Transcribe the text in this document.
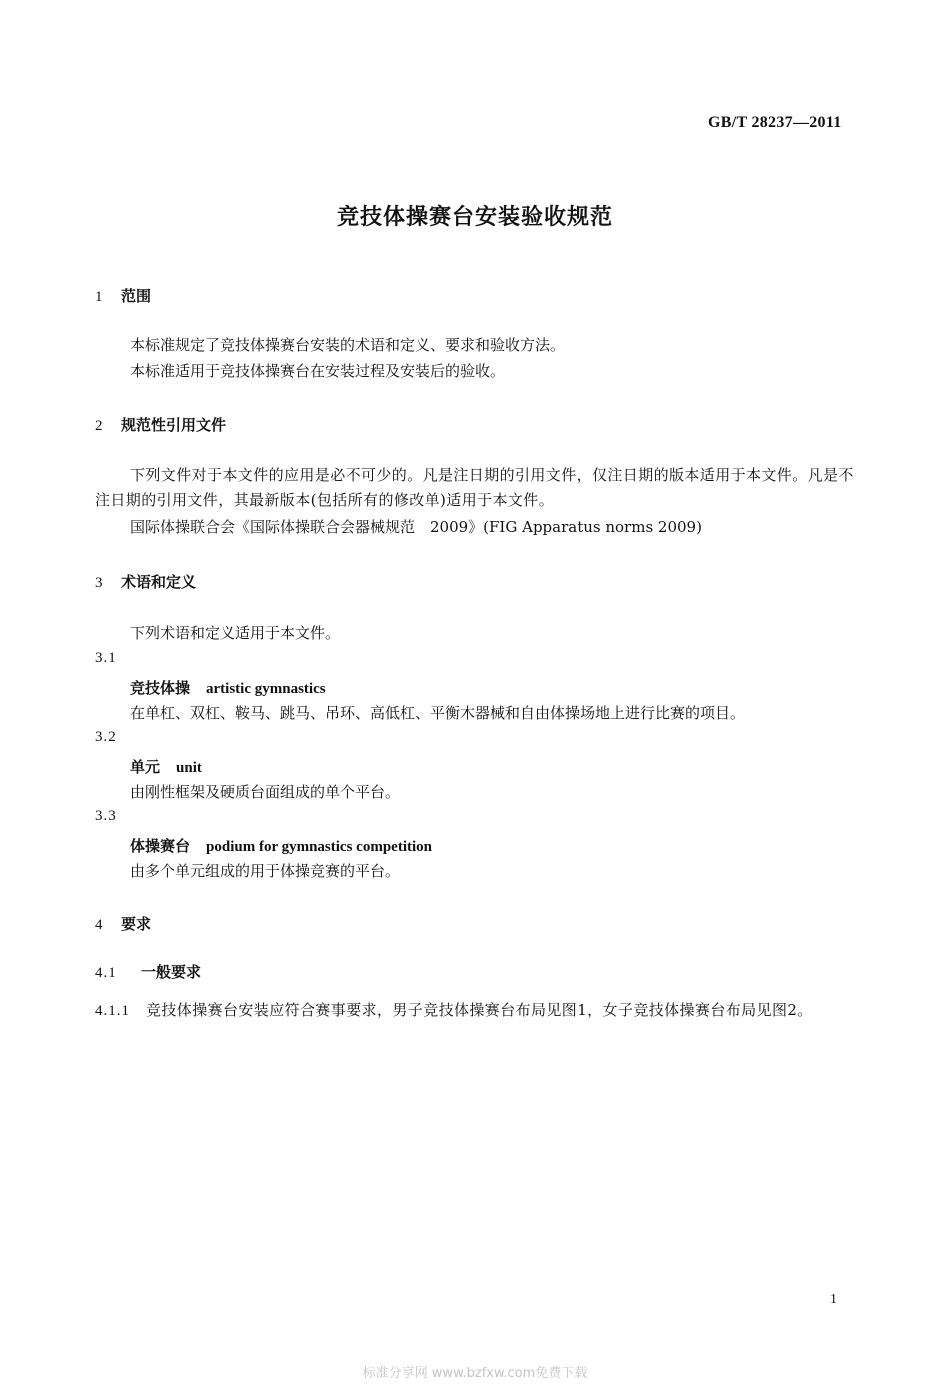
GB/T 28237—2011
竞技体操赛台安装验收规范
1 范围
本标准规定了竞技体操赛台安装的术语和定义、要求和验收方法。
本标准适用于竞技体操赛台在安装过程及安装后的验收。
2 规范性引用文件
下列文件对于本文件的应用是必不可少的。凡是注日期的引用文件，仅注日期的版本适用于本文件。凡是不注日期的引用文件，其最新版本(包括所有的修改单)适用于本文件。
国际体操联合会《国际体操联合会器械规范　2009》(FIG Apparatus norms 2009)
3 术语和定义
下列术语和定义适用于本文件。
3.1
竞技体操 artistic gymnastics
在单杠、双杠、鞍马、跳马、吊环、高低杠、平衡木器械和自由体操场地上进行比赛的项目。
3.2
单元 unit
由刚性框架及硬质台面组成的单个平台。
3.3
体操赛台 podium for gymnastics competition
由多个单元组成的用于体操竞赛的平台。
4 要求
4.1 一般要求
4.1.1 竞技体操赛台安装应符合赛事要求，男子竞技体操赛台布局见图1，女子竞技体操赛台布局见图2。
1
标准分享网 www.bzfxw.com免费下载
